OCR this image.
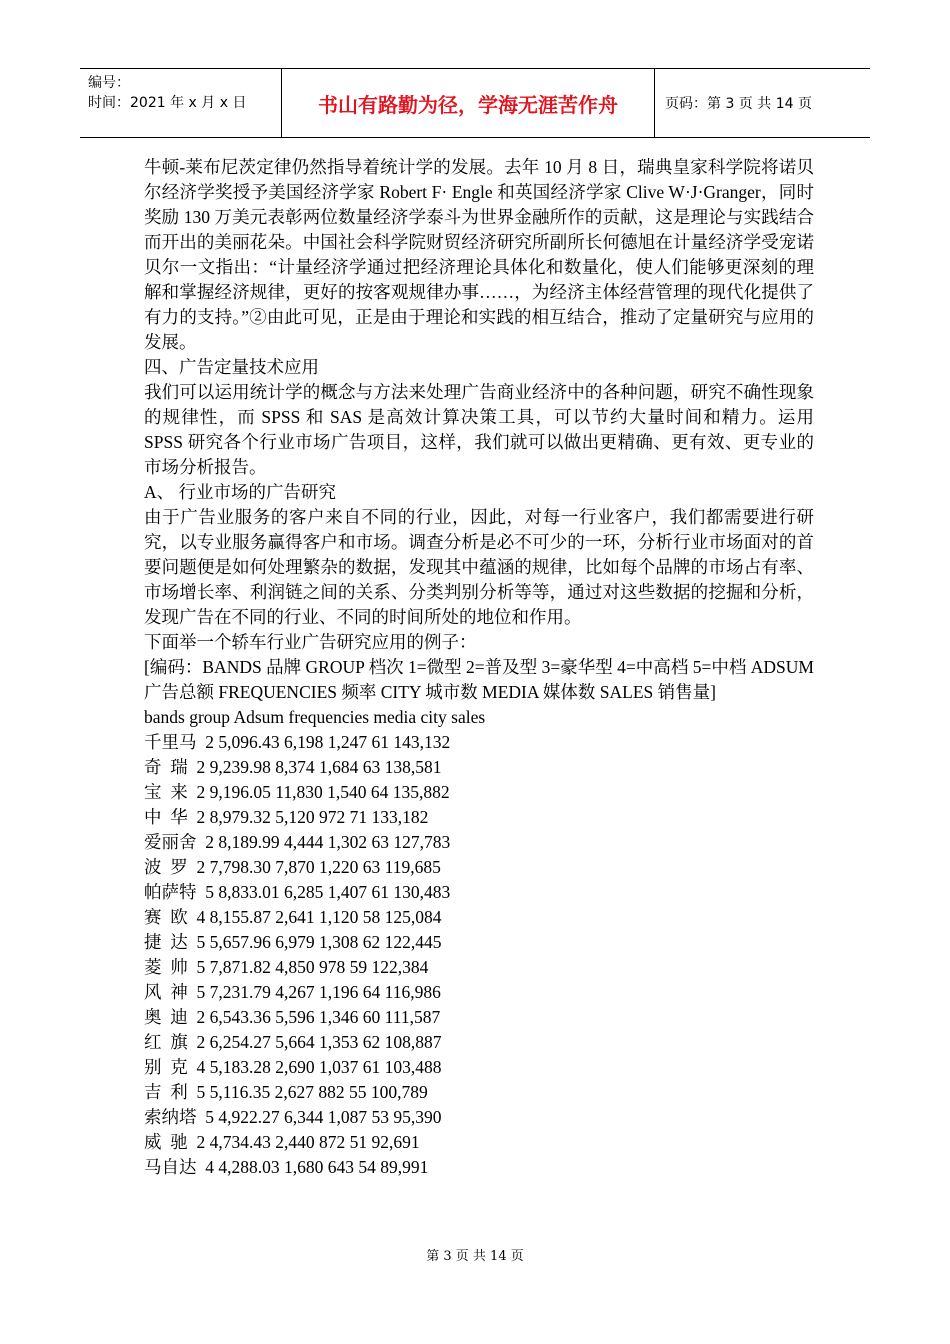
编号：
时间：2021 年 x 月 x 日	书山有路勤为径，学海无涯苦作舟	页码：第 3 页 共 14 页

牛顿-莱布尼茨定律仍然指导着统计学的发展。去年 10 月 8 日，瑞典皇家科学院将诺贝尔经济学奖授予美国经济学家 Robert F· Engle 和英国经济学家 Clive W·J·Granger，同时奖励 130 万美元表彰两位数量经济学泰斗为世界金融所作的贡献，这是理论与实践结合而开出的美丽花朵。中国社会科学院财贸经济研究所副所长何德旭在计量经济学受宠诺贝尔一文指出：“计量经济学通过把经济理论具体化和数量化，使人们能够更深刻的理解和掌握经济规律，更好的按客观规律办事……，为经济主体经营管理的现代化提供了有力的支持。”②由此可见，正是由于理论和实践的相互结合，推动了定量研究与应用的发展。

四、广告定量技术应用

我们可以运用统计学的概念与方法来处理广告商业经济中的各种问题，研究不确性现象的规律性，而 SPSS 和 SAS 是高效计算决策工具，可以节约大量时间和精力。运用 SPSS 研究各个行业市场广告项目，这样，我们就可以做出更精确、更有效、更专业的市场分析报告。

A、 行业市场的广告研究

由于广告业服务的客户来自不同的行业，因此，对每一行业客户，我们都需要进行研究，以专业服务赢得客户和市场。调查分析是必不可少的一环，分析行业市场面对的首要问题便是如何处理繁杂的数据，发现其中蕴涵的规律，比如每个品牌的市场占有率、市场增长率、利润链之间的关系、分类判别分析等等，通过对这些数据的挖掘和分析，发现广告在不同的行业、不同的时间所处的地位和作用。

下面举一个轿车行业广告研究应用的例子：

[编码：BANDS 品牌 GROUP 档次 1=微型 2=普及型 3=豪华型 4=中高档 5=中档 ADSUM 广告总额 FREQUENCIES 频率 CITY 城市数 MEDIA 媒体数 SALES 销售量]

bands group Adsum frequencies media city sales
千里马  2 5,096.43 6,198 1,247 61 143,132
奇  瑞  2 9,239.98 8,374 1,684 63 138,581
宝  来  2 9,196.05 11,830 1,540 64 135,882
中  华  2 8,979.32 5,120 972 71 133,182
爱丽舍  2 8,189.99 4,444 1,302 63 127,783
波  罗  2 7,798.30 7,870 1,220 63 119,685
帕萨特  5 8,833.01 6,285 1,407 61 130,483
赛  欧  4 8,155.87 2,641 1,120 58 125,084
捷  达  5 5,657.96 6,979 1,308 62 122,445
菱  帅  5 7,871.82 4,850 978 59 122,384
风  神  5 7,231.79 4,267 1,196 64 116,986
奥  迪  2 6,543.36 5,596 1,346 60 111,587
红  旗  2 6,254.27 5,664 1,353 62 108,887
别  克  4 5,183.28 2,690 1,037 61 103,488
吉  利  5 5,116.35 2,627 882 55 100,789
索纳塔  5 4,922.27 6,344 1,087 53 95,390
威  驰  2 4,734.43 2,440 872 51 92,691
马自达  4 4,288.03 1,680 643 54 89,991
第 3 页 共 14 页
